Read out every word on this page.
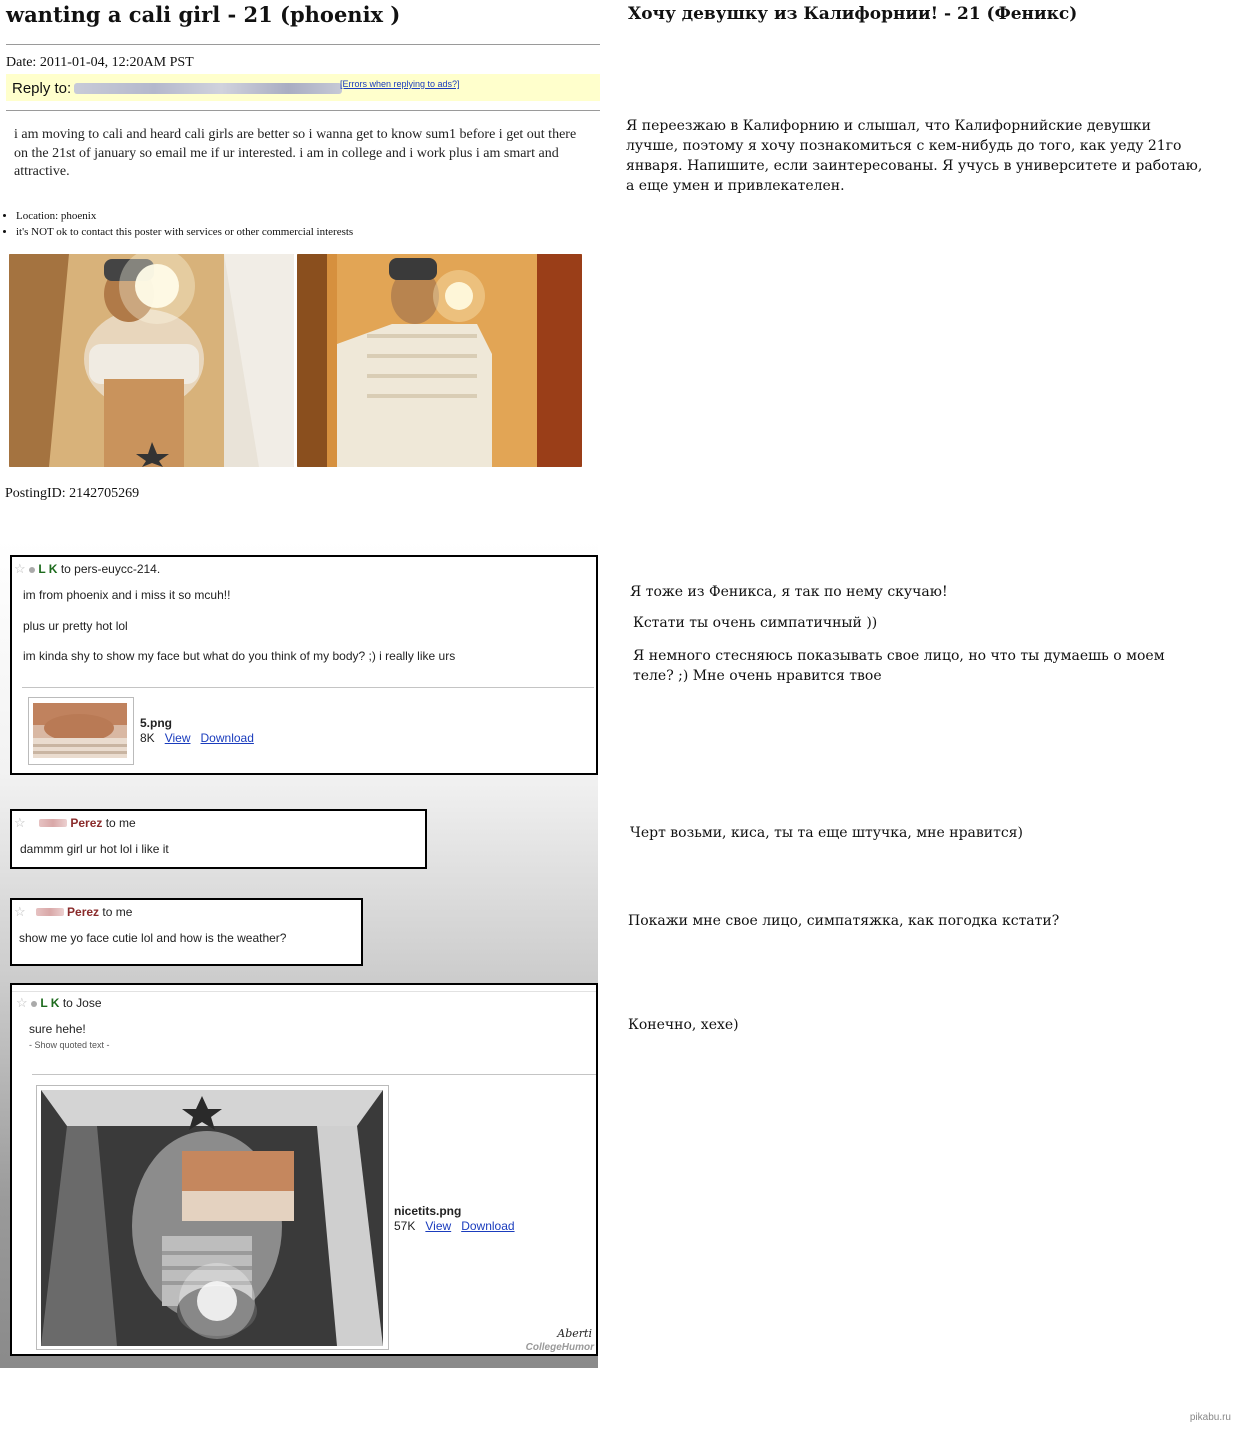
wanting a cali girl - 21 (phoenix )
Date: 2011-01-04, 12:20AM PST
Reply to:	[Errors when replying to ads?]
i am moving to cali and heard cali girls are better so i wanna get to know sum1 before i get out there on the 21st of january so email me if ur interested. i am in college and i work plus i am smart and attractive.
• Location: phoenix
• it's NOT ok to contact this poster with services or other commercial interests
PostingID: 2142705269
☆ L K to pers-euycc-214.
im from phoenix and i miss it so mcuh!!
plus ur pretty hot lol
im kinda shy to show my face but what do you think of my body? ;) i really like urs
5.png
8K View Download
☆	Perez to me
dammm girl ur hot lol i like it
☆	Perez to me
show me yo face cutie lol and how is the weather?
☆ L K to Jose
sure hehe!
- Show quoted text -
nicetits.png
57K View Download
Aberti
CollegeHumor
Хочу девушку из Калифорнии! - 21 (Феникс)
Я переезжаю в Калифорнию и слышал, что Калифорнийские девушки лучше, поэтому я хочу познакомиться с кем-нибудь до того, как уеду 21го января. Напишите, если заинтересованы. Я учусь в университете и работаю, а еще умен и привлекателен.
Я тоже из Феникса, я так по нему скучаю!
Кстати ты очень симпатичный ))
Я немного стесняюсь показывать свое лицо, но что ты думаешь о моем теле? ;) Мне очень нравится твое
Черт возьми, киса, ты та еще штучка, мне нравится)
Покажи мне свое лицо, симпатяжка, как погодка кстати?
Конечно, хехе)
pikabu.ru
